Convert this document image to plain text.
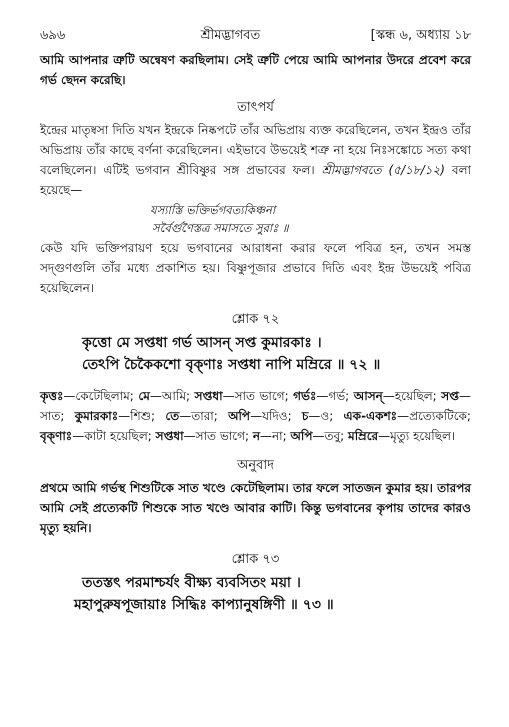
৬৯৬	শ্রীমদ্ভাগবত	[স্কন্ধ ৬, অধ্যায় ১৮

আমি আপনার ত্রুটি অন্বেষণ করছিলাম। সেই ত্রুটি পেয়ে আমি আপনার উদরে প্রবেশ করে গর্ভ ছেদন করেছি।

তাৎপর্য

ইন্দ্রের মাতৃষ্বসা দিতি যখন ইন্দ্রকে নিষ্কপটে তাঁর অভিপ্রায় ব্যক্ত করেছিলেন, তখন ইন্দ্রও তাঁর অভিপ্রায় তাঁর কাছে বর্ণনা করেছিলেন। এইভাবে উভয়েই শত্রু না হয়ে নিঃসঙ্কোচে সত্য কথা বলেছিলেন। এটিই ভগবান শ্রীবিষ্ণুর সঙ্গ প্রভাবের ফল। শ্রীমদ্ভাগবতে (৫/১৮/১২) বলা হয়েছে—

যস্যাস্তি ভক্তির্ভগবত্যকিঞ্চনা
সর্বৈর্গুণৈস্তত্র সমাসতে সুরাঃ ॥

কেউ যদি ভক্তিপরায়ণ হয়ে ভগবানের আরাধনা করার ফলে পবিত্র হন, তখন সমস্ত সদ্গুণগুলি তাঁর মধ্যে প্রকাশিত হয়। বিষ্ণুপূজার প্রভাবে দিতি এবং ইন্দ্র উভয়েই পবিত্র হয়েছিলেন।

শ্লোক ৭২
কৃত্তো মে সপ্তধা গর্ভ আসন্ সপ্ত কুমারকাঃ ।
তেঽপি চৈকৈকশো বৃক্ণাঃ সপ্তধা নাপি মম্রিরে ॥ ৭২ ॥

কৃত্তঃ—কেটেছিলাম; মে—আমি; সপ্তধা—সাত ভাগে; গর্ভঃ—গর্ভ; আসন্—হয়েছিল; সপ্ত—সাত; কুমারকাঃ—শিশু; তে—তারা; অপি—যদিও; চ—ও; এক-একশঃ—প্রত্যেকটিকে; বৃক্ণাঃ—কাটা হয়েছিল; সপ্তধা—সাত ভাগে; ন—না; অপি—তবু; মম্রিরে—মৃত্যু হয়েছিল।

অনুবাদ

প্রথমে আমি গর্ভস্থ শিশুটিকে সাত খণ্ডে কেটেছিলাম। তার ফলে সাতজন কুমার হয়। তারপর আমি সেই প্রত্যেকটি শিশুকে সাত খণ্ডে আবার কাটি। কিন্তু ভগবানের কৃপায় তাদের কারও মৃত্যু হয়নি।

শ্লোক ৭৩
ততস্তৎ পরমাশ্চর্যং বীক্ষ্য ব্যবসিতং ময়া ।
মহাপুরুষপূজায়াঃ সিদ্ধিঃ কাপ্যানুষঙ্গিণী ॥ ৭৩ ॥
